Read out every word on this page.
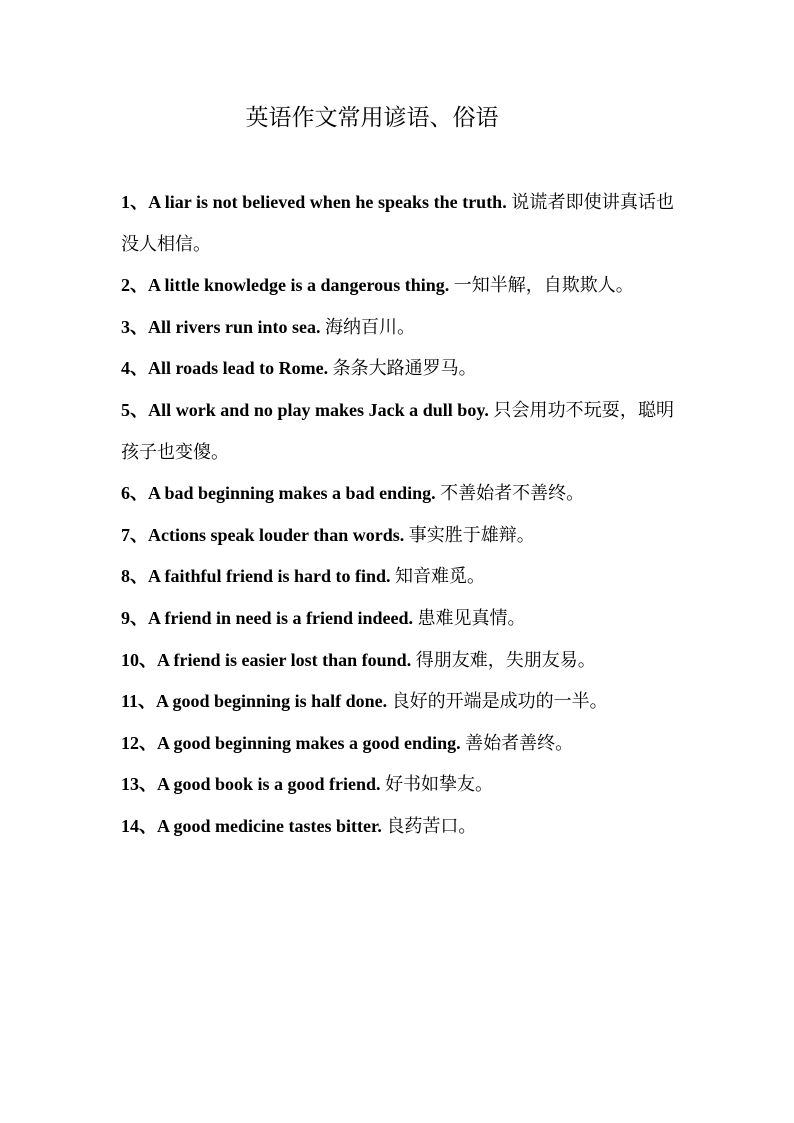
英语作文常用谚语、俗语
1、A liar is not believed when he speaks the truth. 说谎者即使讲真话也没人相信。
2、A little knowledge is a dangerous thing. 一知半解，自欺欺人。
3、All rivers run into sea. 海纳百川。
4、All roads lead to Rome. 条条大路通罗马。
5、All work and no play makes Jack a dull boy. 只会用功不玩耍，聪明孩子也变傻。
6、A bad beginning makes a bad ending. 不善始者不善终。
7、Actions speak louder than words. 事实胜于雄辩。
8、A faithful friend is hard to find. 知音难觅。
9、A friend in need is a friend indeed. 患难见真情。
10、A friend is easier lost than found. 得朋友难，失朋友易。
11、A good beginning is half done. 良好的开端是成功的一半。
12、A good beginning makes a good ending. 善始者善终。
13、A good book is a good friend. 好书如挚友。
14、A good medicine tastes bitter. 良药苦口。
